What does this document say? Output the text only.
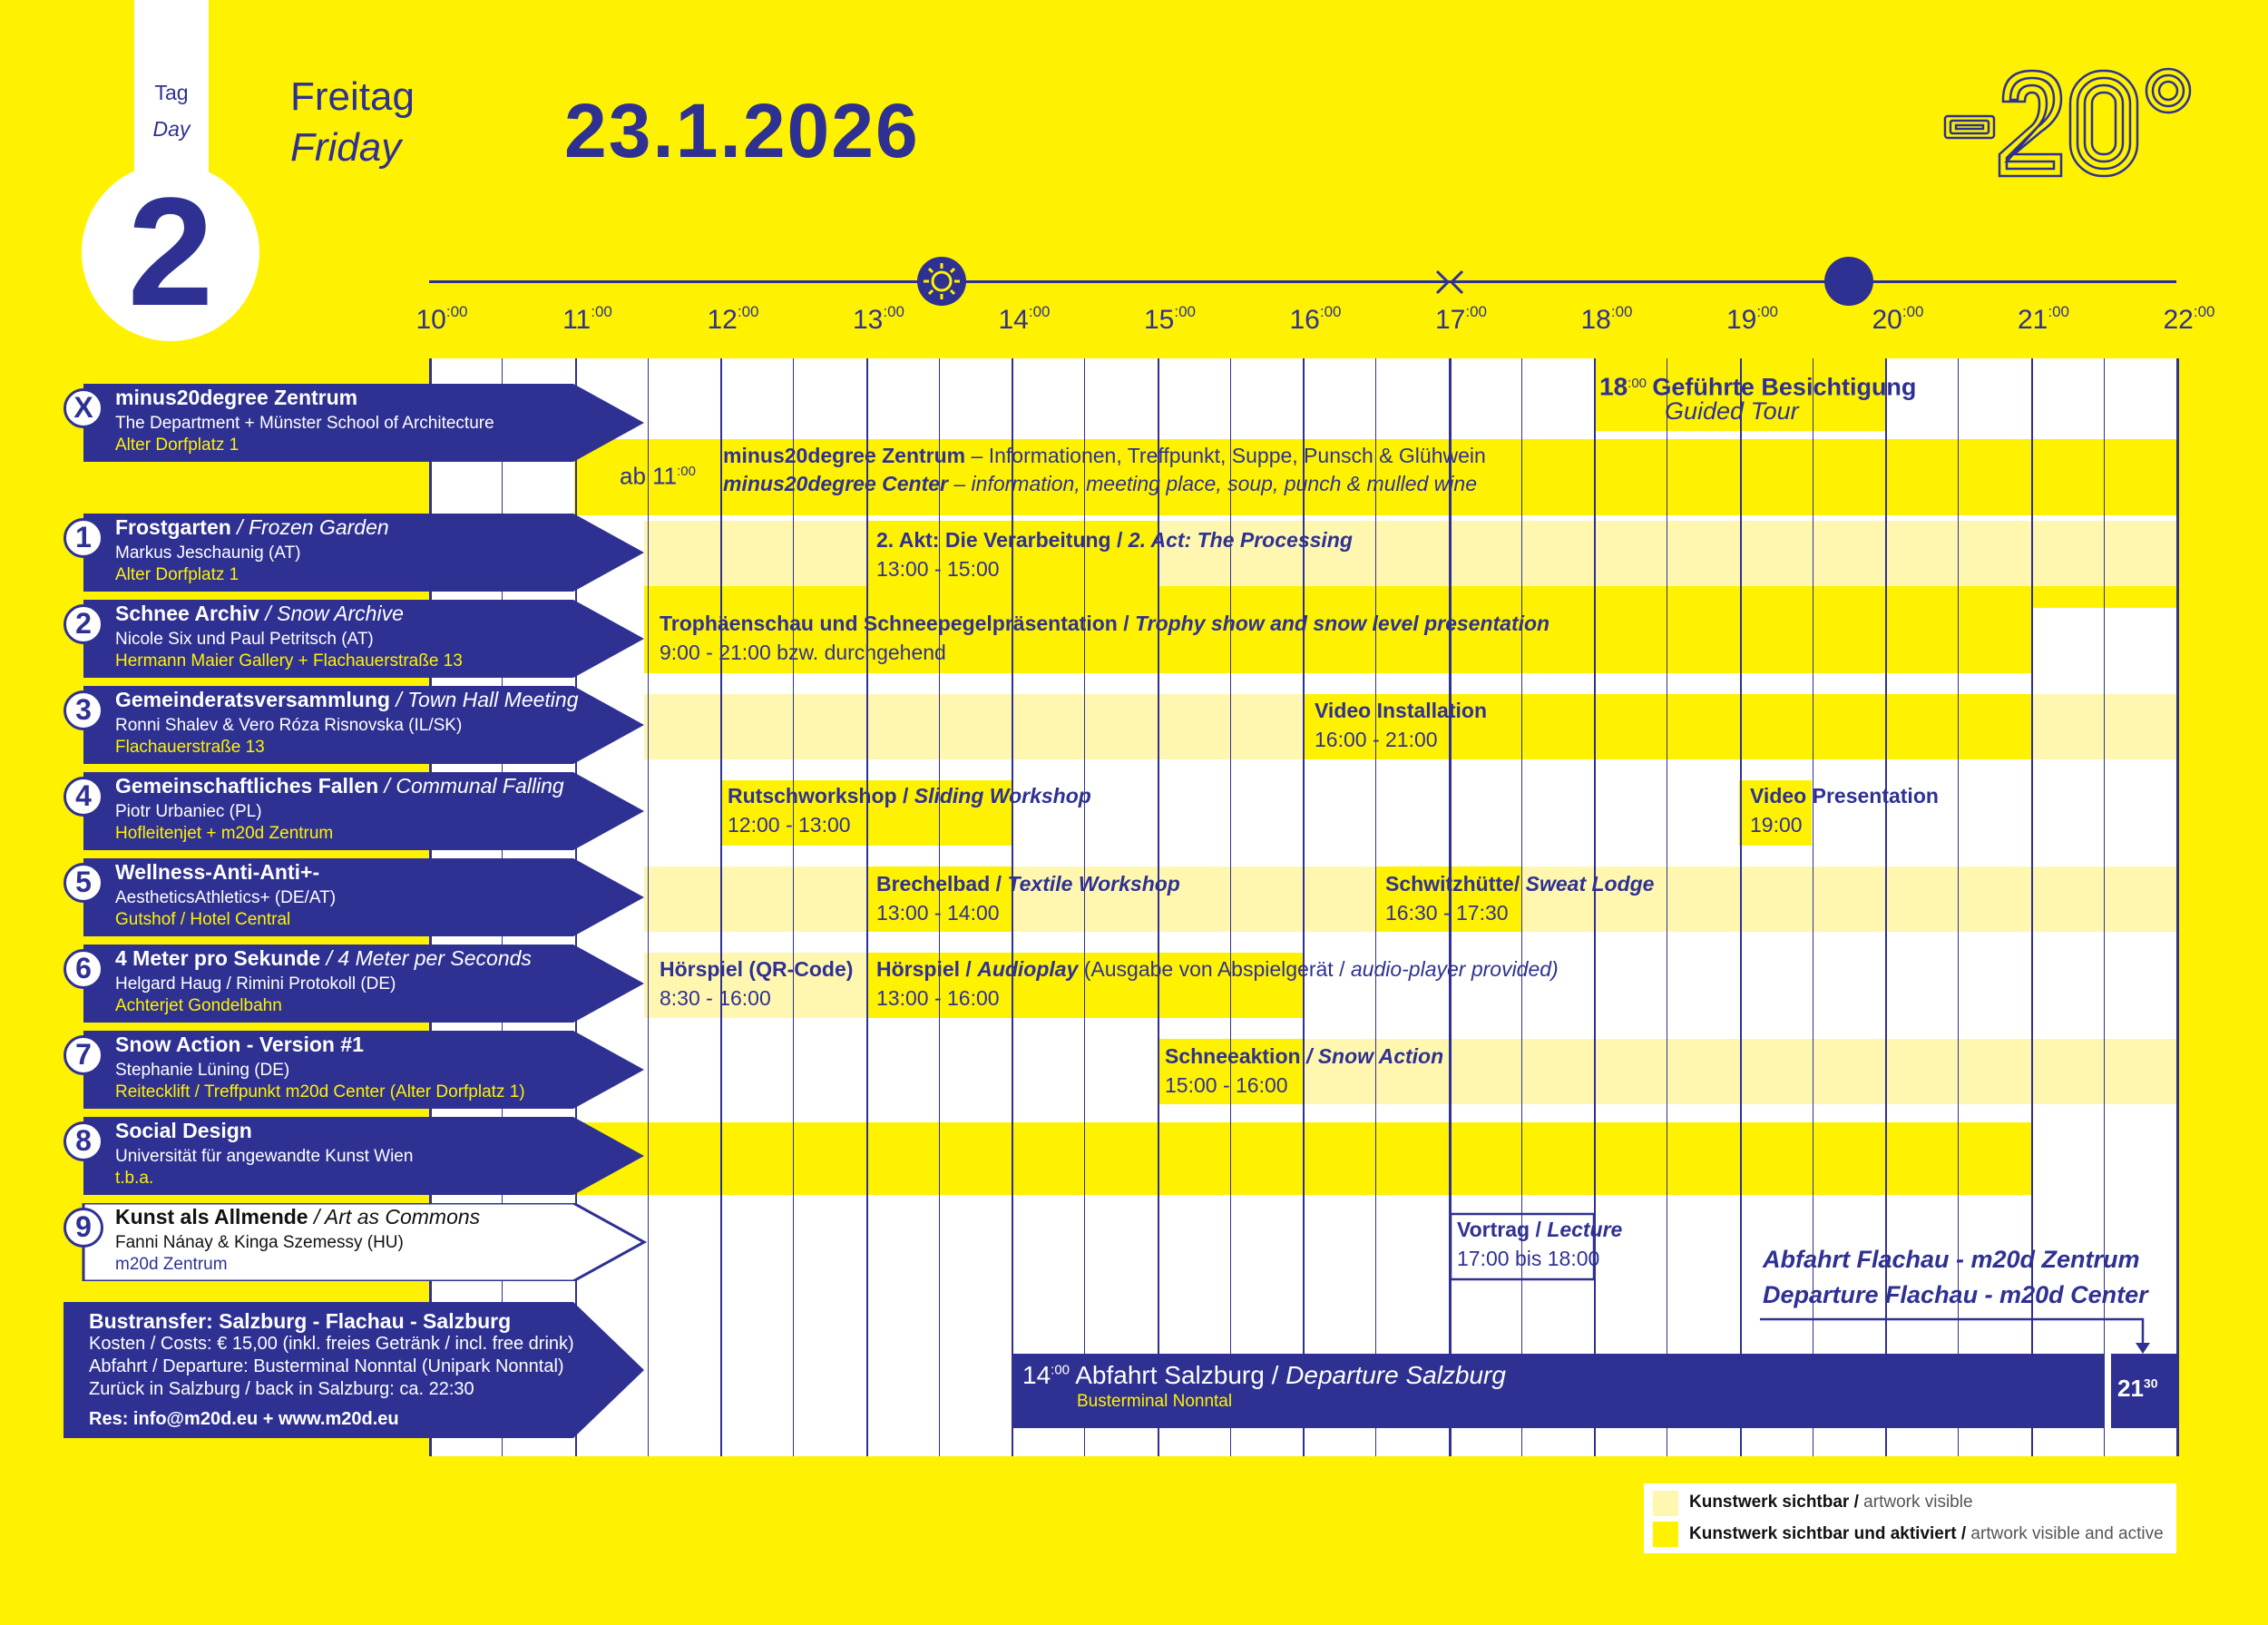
2
Tag
Day
Freitag
Friday 23.1.2026
$10^{:00}$	$11^{:00}$	$12^{:00}$	$13^{:00}$	$14^{:00}$	$15^{:00}$	$16^{:00}$	$17^{:00}$	$18^{:00}$	$19^{:00}$	$20^{:00}$	$21^{:00}$	$22^{:00}$
X	minus20degree Zentrum
The Department + Münster School of Architecture
Alter Dorfplatz 1
1	Frostgarten / Frozen Garden
Markus Jeschaunig (AT)
Alter Dorfplatz 1
2	Schnee Archiv / Snow Archive
Nicole Six und Paul Petritsch (AT)
Hermann Maier Gallery + Flachauerstraße 13
3	Gemeinderatsversammlung / Town Hall Meeting
Ronni Shalev & Vero Róza Risnovska (IL/SK)
Flachauerstraße 13
4	Gemeinschaftliches Fallen / Communal Falling
Piotr Urbaniec (PL)
Hofleitenjet + m20d Zentrum
5	Wellness-Anti-Anti+-
AestheticsAthletics+ (DE/AT)
Gutshof / Hotel Central
6	4 Meter pro Sekunde / 4 Meter per Seconds
Helgard Haug / Rimini Protokoll (DE)
Achterjet Gondelbahn
7	Snow Action - Version #1
Stephanie Lüning (DE)
Reitecklift / Treffpunkt m20d Center (Alter Dorfplatz 1)
8	Social Design
Universität für angewandte Kunst Wien
t.b.a.
9	Kunst als Allmende / Art as Commons
Fanni Nánay & Kinga Szemessy (HU)
m20d Zentrum
$18^{:00}$ Geführte Besichtigung
Guided Tour
ab $11^{:00}$
minus20degree Zentrum – Informationen, Treffpunkt, Suppe, Punsch & Glühwein
minus20degree Center – information, meeting place, soup, punch & mulled wine
2. Akt: Die Verarbeitung / 2. Act: The Processing
13:00 - 15:00
Trophäenschau und Schneepegelpräsentation / Trophy show and snow level presentation
9:00 - 21:00 bzw. durchgehend
Video Installation
16:00 - 21:00
Rutschworkshop / Sliding Workshop
12:00 - 13:00
Video Presentation
19:00
Brechelbad / Textile Workshop
13:00 - 14:00
Schwitzhütte/ Sweat Lodge
16:30 - 17:30
Hörspiel (QR-Code)
8:30 - 16:00
Hörspiel / Audioplay (Ausgabe von Abspielgerät / audio-player provided)
13:00 - 16:00
Schneeaktion / Snow Action
15:00 - 16:00
Vortrag / Lecture
17:00 bis 18:00
Bustransfer: Salzburg - Flachau - Salzburg
Kosten / Costs: € 15,00 (inkl. freies Getränk / incl. free drink)
Abfahrt / Departure: Busterminal Nonntal (Unipark Nonntal)
Zurück in Salzburg / back in Salzburg: ca. 22:30
Res: info@m20d.eu + www.m20d.eu
$14^{:00}$ Abfahrt Salzburg / Departure Salzburg
Busterminal Nonntal	$21^{30}$
Abfahrt Flachau - m20d Zentrum
Departure Flachau - m20d Center
Kunstwerk sichtbar / artwork visible
Kunstwerk sichtbar und aktiviert / artwork visible and active
